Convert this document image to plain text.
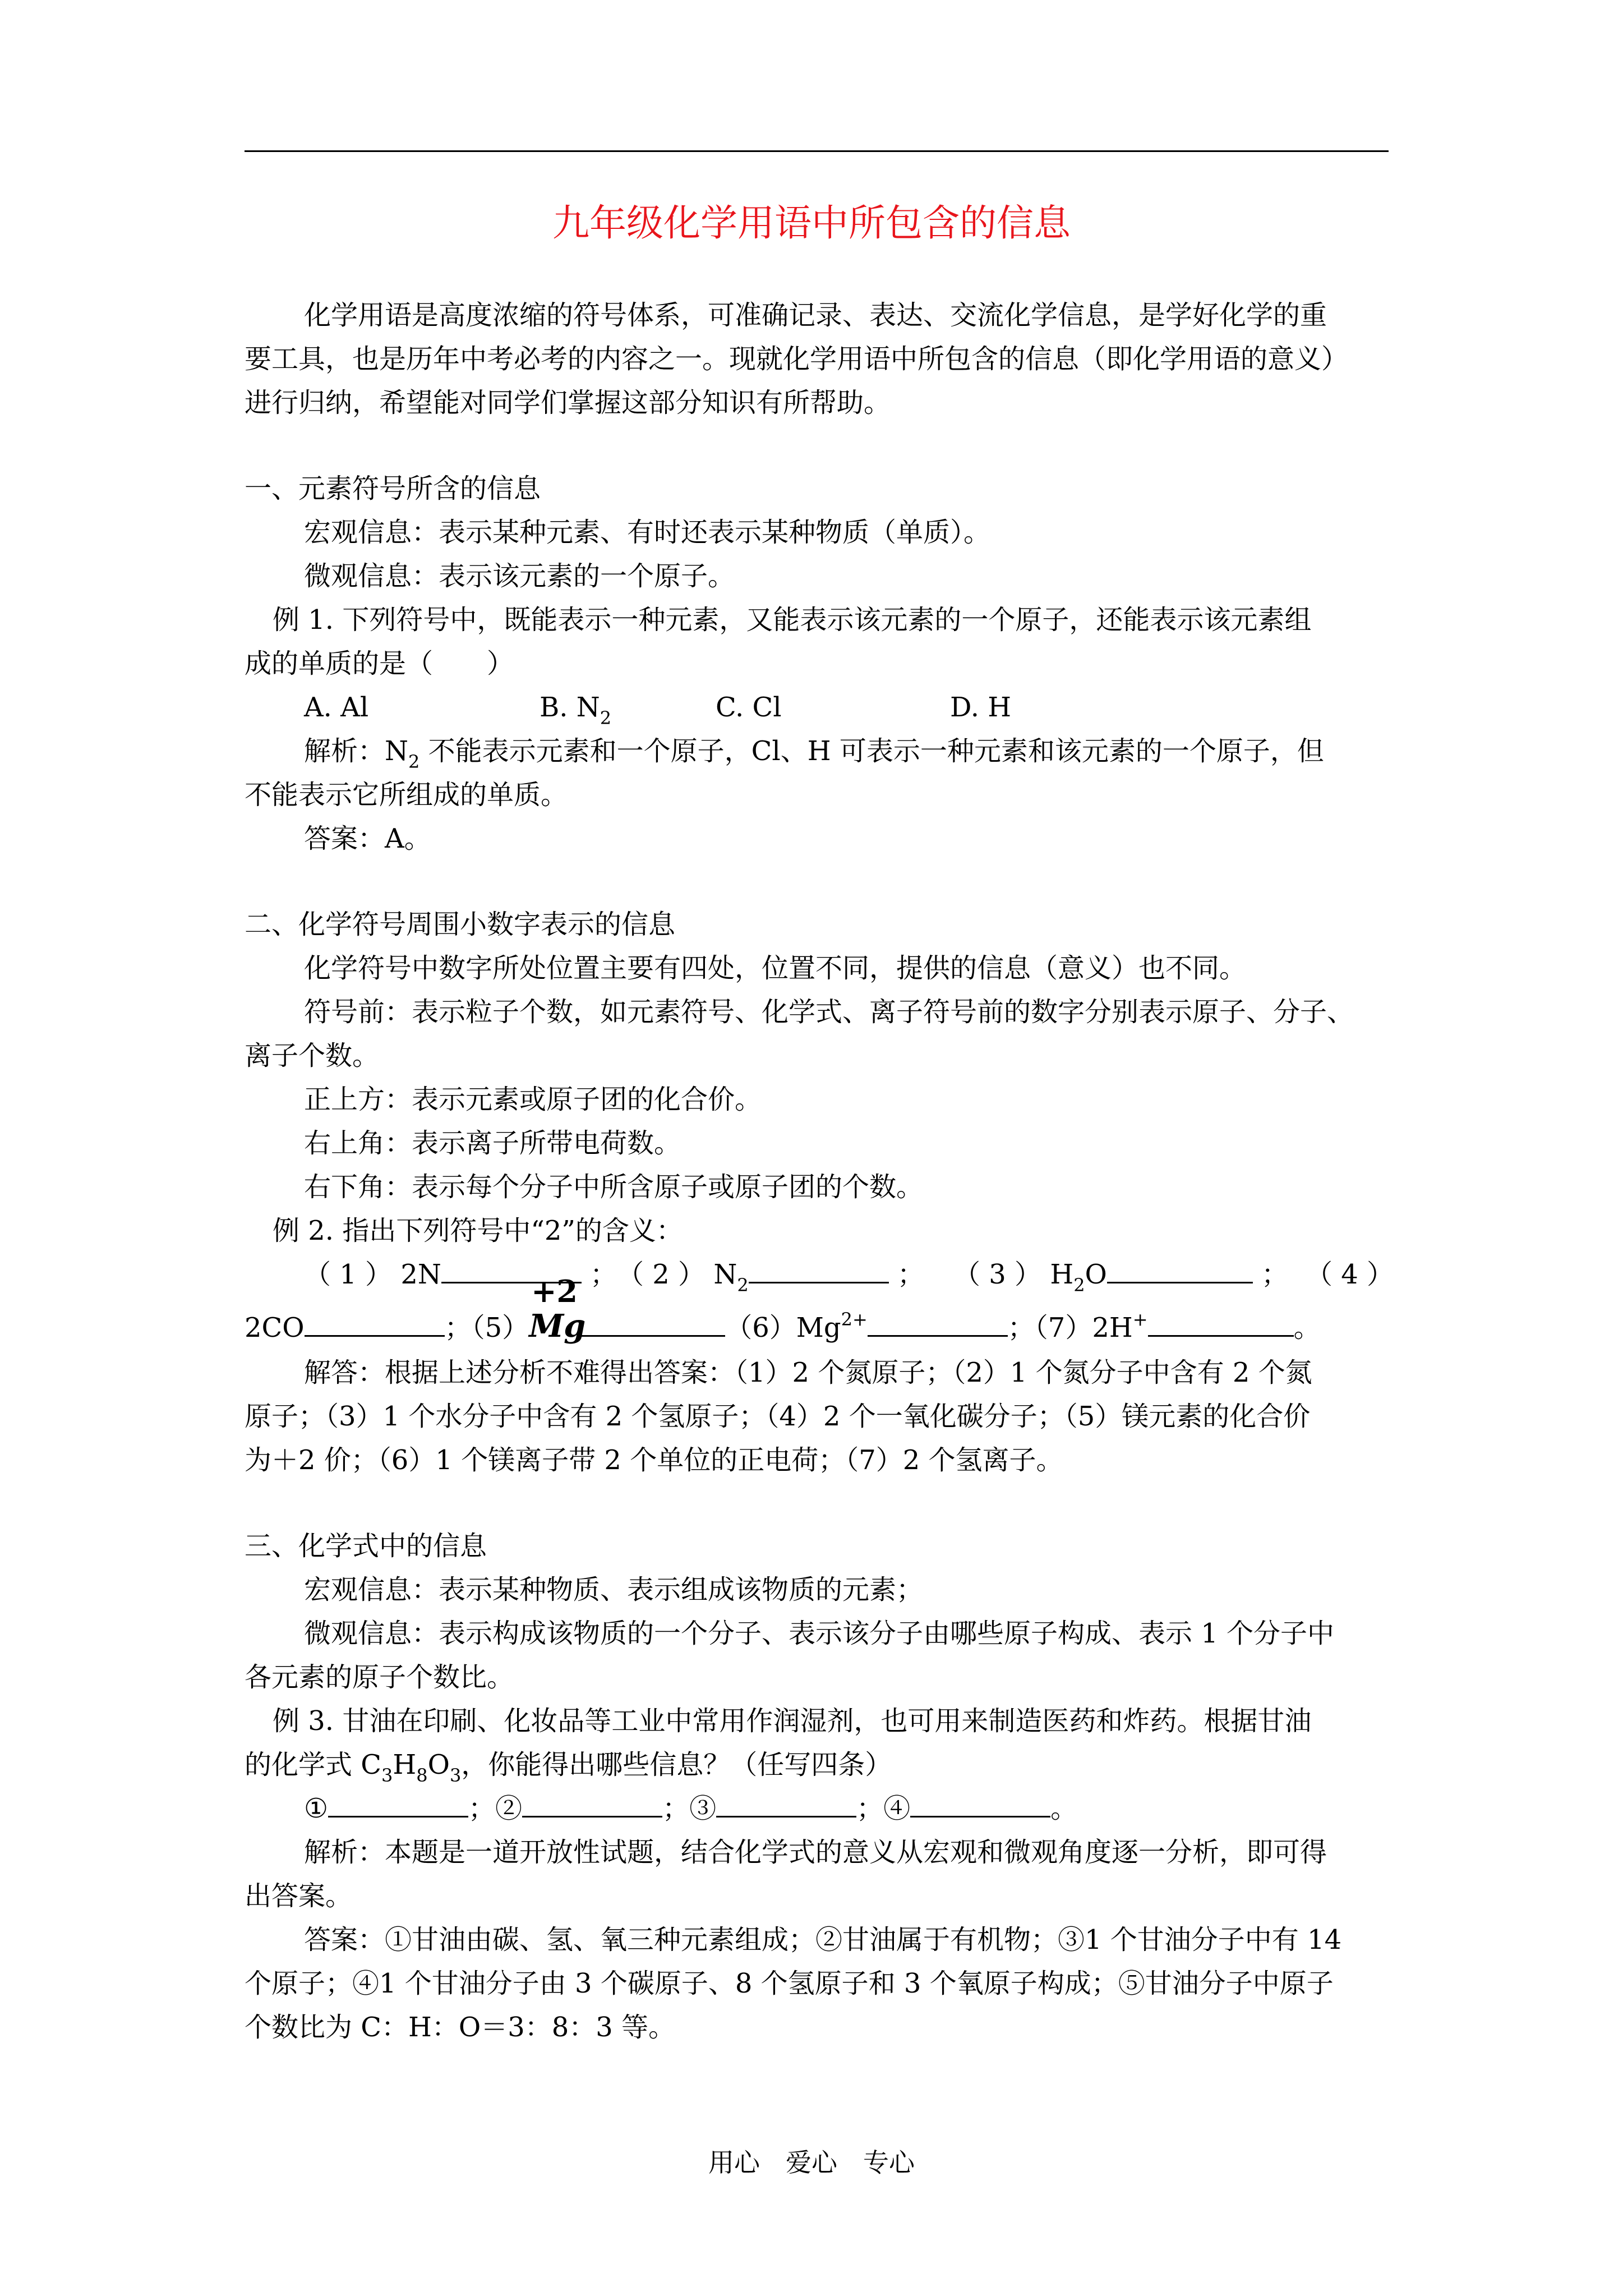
九年级化学用语中所包含的信息
化学用语是高度浓缩的符号体系，可准确记录、表达、交流化学信息，是学好化学的重
要工具，也是历年中考必考的内容之一。现就化学用语中所包含的信息（即化学用语的意义）
进行归纳，希望能对同学们掌握这部分知识有所帮助。
一、元素符号所含的信息
宏观信息：表示某种元素、有时还表示某种物质（单质）。
微观信息：表示该元素的一个原子。
例 1. 下列符号中，既能表示一种元素，又能表示该元素的一个原子，还能表示该元素组
成的单质的是（　　）
A. Al	B. $N_2$	C. Cl	D. H
解析：$N_2$ 不能表示元素和一个原子，Cl、H 可表示一种元素和该元素的一个原子，但
不能表示它所组成的单质。
答案：A。
二、化学符号周围小数字表示的信息
化学符号中数字所处位置主要有四处，位置不同，提供的信息（意义）也不同。
符号前：表示粒子个数，如元素符号、化学式、离子符号前的数字分别表示原子、分子、
离子个数。
正上方：表示元素或原子团的化合价。
右上角：表示离子所带电荷数。
右下角：表示每个分子中所含原子或原子团的个数。
例 2. 指出下列符号中“2”的含义：
（ 1 ） 2N	； （ 2 ） $N_2$	； （ 3 ） $H_2O$	； （ 4 ）
2CO	；（5）
+2
Mg	$(6)Mg^{2+}$	；（7）2H+	。
解答：根据上述分析不难得出答案：（1）2 个氮原子；（2）1 个氮分子中含有 2 个氮
原子；（3）1 个水分子中含有 2 个氢原子；（4）2 个一氧化碳分子；（5）镁元素的化合价
为＋2 价；（6）1 个镁离子带 2 个单位的正电荷；（7）2 个氢离子。
三、化学式中的信息
宏观信息：表示某种物质、表示组成该物质的元素；
微观信息：表示构成该物质的一个分子、表示该分子由哪些原子构成、表示 1 个分子中
各元素的原子个数比。
例 3. 甘油在印刷、化妆品等工业中常用作润湿剂，也可用来制造医药和炸药。根据甘油
的化学式 $C_3H_8O_3$，你能得出哪些信息？（任写四条）
①	；②	；③	；④	。
解析：本题是一道开放性试题，结合化学式的意义从宏观和微观角度逐一分析，即可得
出答案。
答案：①甘油由碳、氢、氧三种元素组成；②甘油属于有机物；③1 个甘油分子中有 14
个原子；④1 个甘油分子由 3 个碳原子、8 个氢原子和 3 个氧原子构成；⑤甘油分子中原子
个数比为 C：H：O＝3：8：3 等。
用心　爱心　专心
